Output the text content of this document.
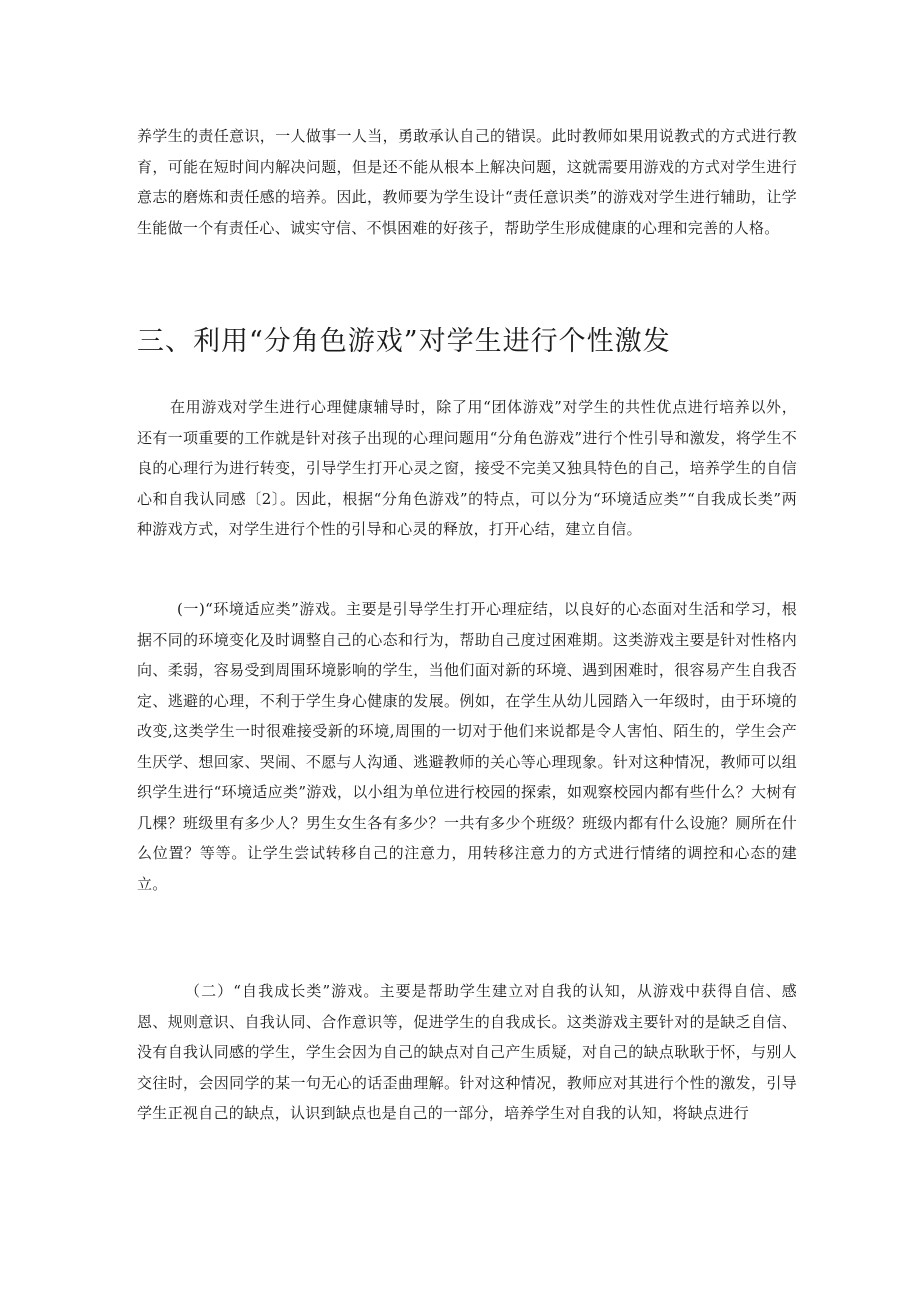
养学生的责任意识，一人做事一人当，勇敢承认自己的错误。此时教师如果用说教式的方式进行教育，可能在短时间内解决问题，但是还不能从根本上解决问题，这就需要用游戏的方式对学生进行意志的磨炼和责任感的培养。因此，教师要为学生设计“责任意识类”的游戏对学生进行辅助，让学生能做一个有责任心、诚实守信、不惧困难的好孩子，帮助学生形成健康的心理和完善的人格。

三、利用“分角色游戏”对学生进行个性激发

在用游戏对学生进行心理健康辅导时，除了用“团体游戏”对学生的共性优点进行培养以外，还有一项重要的工作就是针对孩子出现的心理问题用“分角色游戏”进行个性引导和激发，将学生不良的心理行为进行转变，引导学生打开心灵之窗，接受不完美又独具特色的自己，培养学生的自信心和自我认同感〔2〕。因此，根据“分角色游戏”的特点，可以分为“环境适应类”“自我成长类”两种游戏方式，对学生进行个性的引导和心灵的释放，打开心结，建立自信。

(一)“环境适应类”游戏。主要是引导学生打开心理症结，以良好的心态面对生活和学习，根据不同的环境变化及时调整自己的心态和行为，帮助自己度过困难期。这类游戏主要是针对性格内向、柔弱，容易受到周围环境影响的学生，当他们面对新的环境、遇到困难时，很容易产生自我否定、逃避的心理，不利于学生身心健康的发展。例如，在学生从幼儿园踏入一年级时，由于环境的改变,这类学生一时很难接受新的环境,周围的一切对于他们来说都是令人害怕、陌生的，学生会产生厌学、想回家、哭闹、不愿与人沟通、逃避教师的关心等心理现象。针对这种情况，教师可以组织学生进行“环境适应类”游戏，以小组为单位进行校园的探索，如观察校园内都有些什么？大树有几棵？班级里有多少人？男生女生各有多少？一共有多少个班级？班级内都有什么设施？厕所在什么位置？等等。让学生尝试转移自己的注意力，用转移注意力的方式进行情绪的调控和心态的建立。

（二）“自我成长类”游戏。主要是帮助学生建立对自我的认知，从游戏中获得自信、感恩、规则意识、自我认同、合作意识等，促进学生的自我成长。这类游戏主要针对的是缺乏自信、没有自我认同感的学生，学生会因为自己的缺点对自己产生质疑，对自己的缺点耿耿于怀，与别人交往时，会因同学的某一句无心的话歪曲理解。针对这种情况，教师应对其进行个性的激发，引导学生正视自己的缺点，认识到缺点也是自己的一部分，培养学生对自我的认知，将缺点进行
